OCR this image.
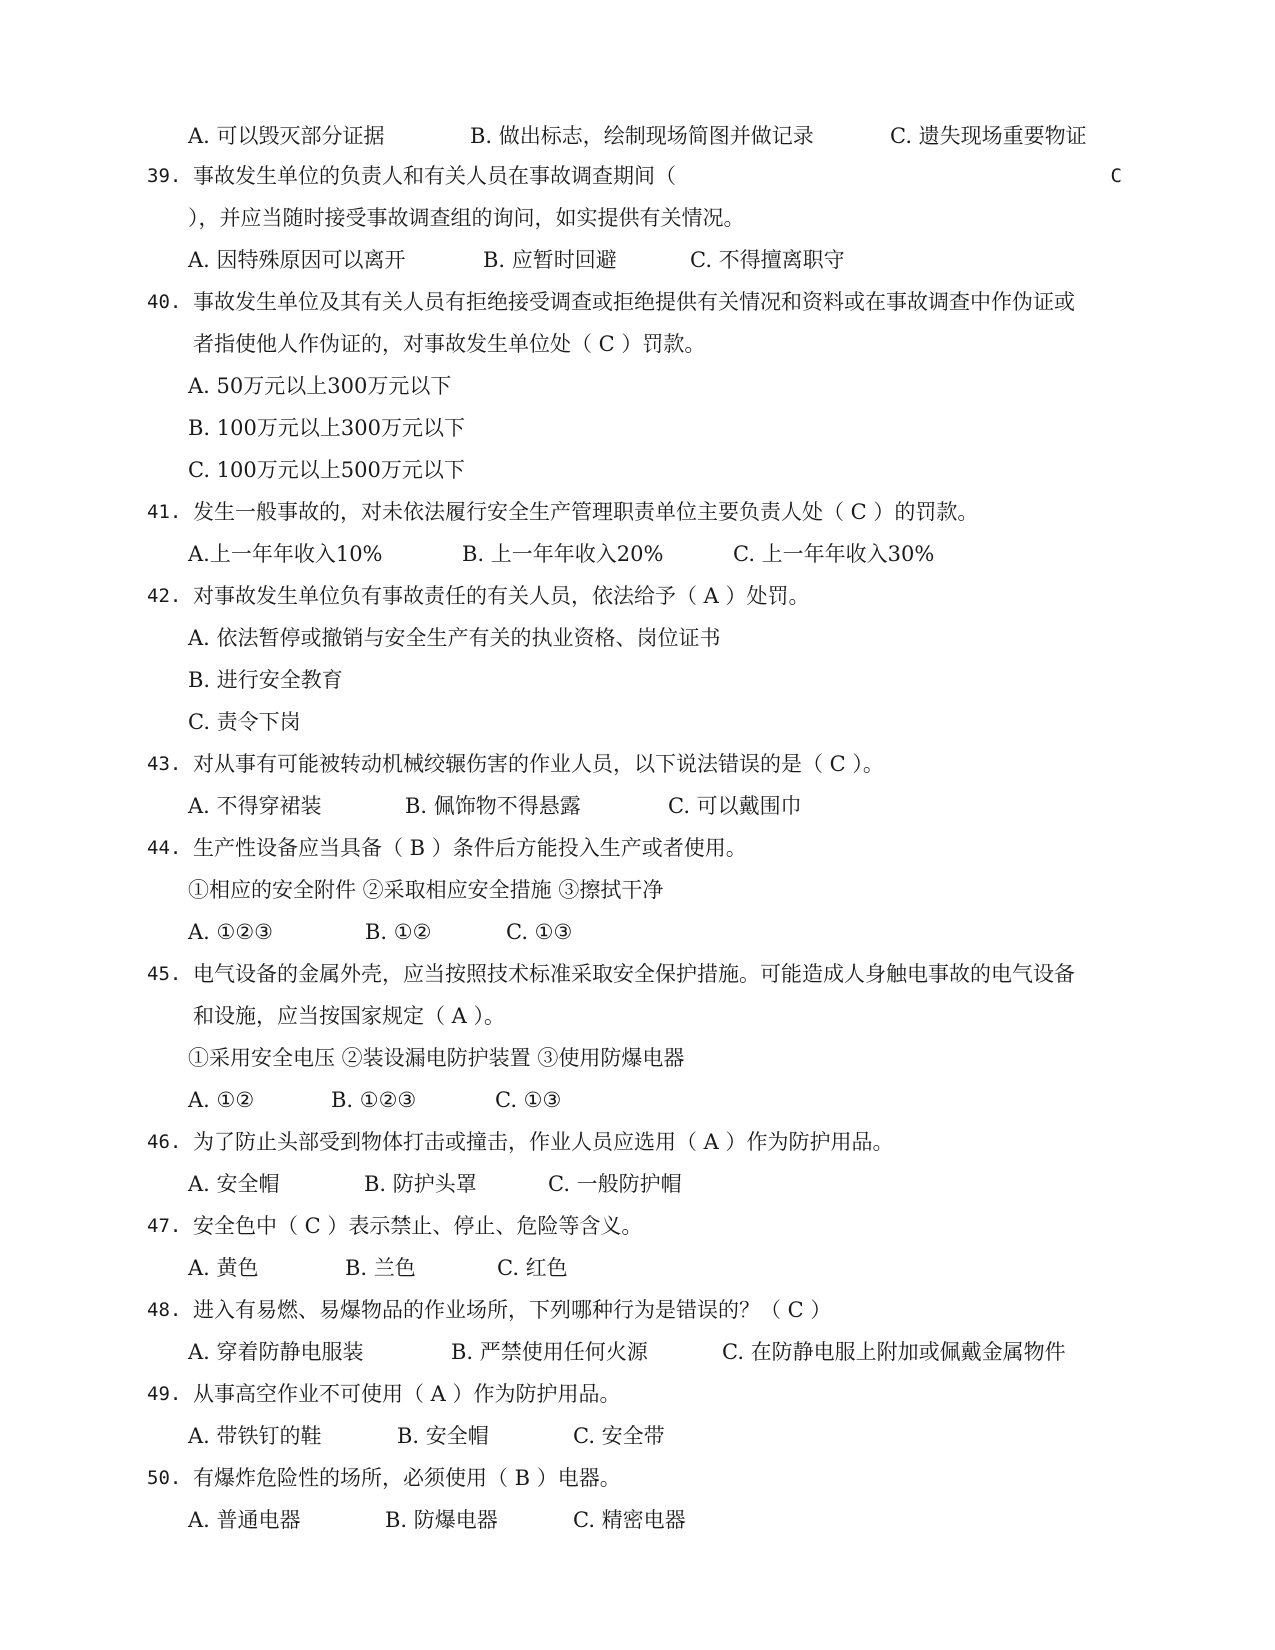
A. 可以毁灭部分证据	B. 做出标志，绘制现场简图并做记录	C. 遗失现场重要物证
39. 事故发生单位的负责人和有关人员在事故调查期间（	C
），并应当随时接受事故调查组的询问，如实提供有关情况。
A. 因特殊原因可以离开	B. 应暂时回避	C. 不得擅离职守
40. 事故发生单位及其有关人员有拒绝接受调查或拒绝提供有关情况和资料或在事故调查中作伪证或
者指使他人作伪证的，对事故发生单位处（ C ）罚款。
A. 50万元以上300万元以下
B. 100万元以上300万元以下
C. 100万元以上500万元以下
41. 发生一般事故的，对未依法履行安全生产管理职责单位主要负责人处（ C ）的罚款。
A.上一年年收入10%	B. 上一年年收入20%	C. 上一年年收入30%
42. 对事故发生单位负有事故责任的有关人员，依法给予（ A ）处罚。
A. 依法暂停或撤销与安全生产有关的执业资格、岗位证书
B. 进行安全教育
C. 责令下岗
43. 对从事有可能被转动机械绞辗伤害的作业人员，以下说法错误的是（ C ）。
A. 不得穿裙装	B. 佩饰物不得悬露	C. 可以戴围巾
44. 生产性设备应当具备（ B ）条件后方能投入生产或者使用。
①相应的安全附件 ②采取相应安全措施 ③擦拭干净
A. ①②③	B. ①②	C. ①③
45. 电气设备的金属外壳，应当按照技术标准采取安全保护措施。可能造成人身触电事故的电气设备
和设施，应当按国家规定（ A ）。
①采用安全电压 ②装设漏电防护装置 ③使用防爆电器
A. ①②	B. ①②③	C. ①③
46. 为了防止头部受到物体打击或撞击，作业人员应选用（ A ）作为防护用品。
A. 安全帽	B. 防护头罩	C. 一般防护帽
47. 安全色中（ C ）表示禁止、停止、危险等含义。
A. 黄色	B. 兰色	C. 红色
48. 进入有易燃、易爆物品的作业场所，下列哪种行为是错误的？（ C ）
A. 穿着防静电服装	B. 严禁使用任何火源	C. 在防静电服上附加或佩戴金属物件
49. 从事高空作业不可使用（ A ）作为防护用品。
A. 带铁钉的鞋	B. 安全帽	C. 安全带
50. 有爆炸危险性的场所，必须使用（ B ）电器。
A. 普通电器	B. 防爆电器	C. 精密电器
